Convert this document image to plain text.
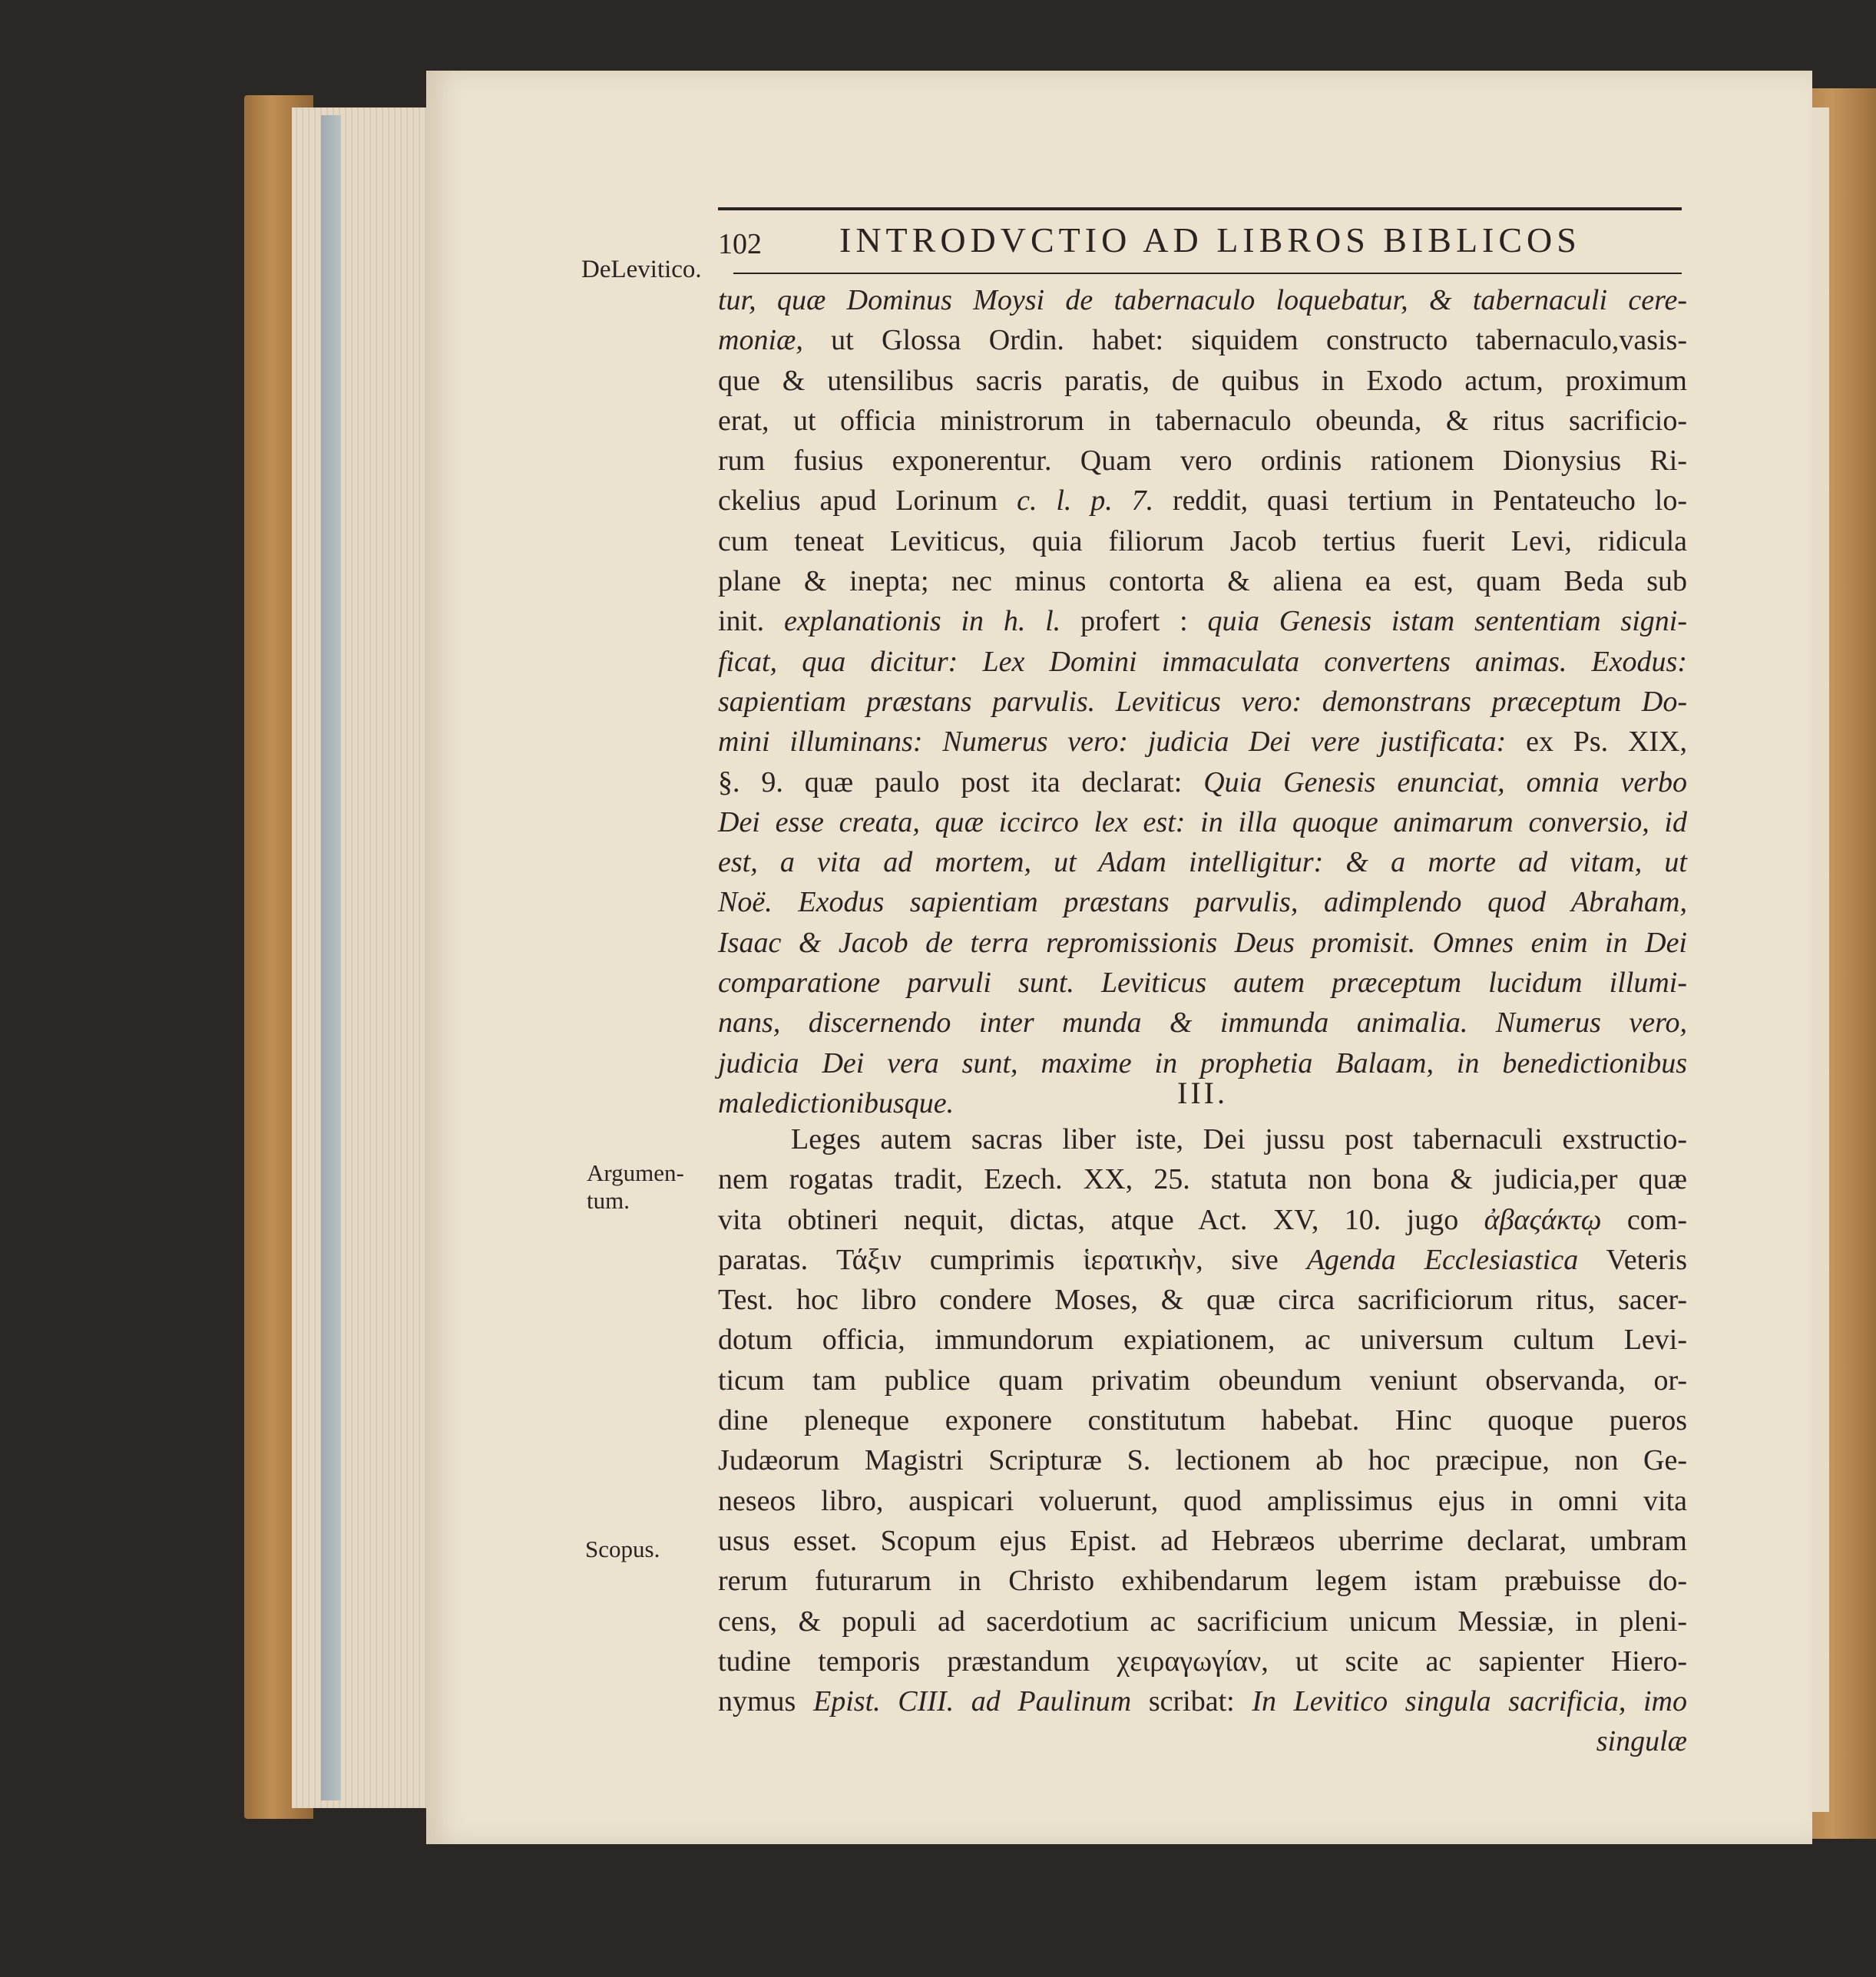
102 INTRODVCTIO AD LIBROS BIBLICOS
DeLevitico.
Argumen-
tum.
Scopus.
tur, quæ Dominus Moysi de tabernaculo loquebatur, & tabernaculi cere-
moniæ, ut Glossa Ordin. habet: siquidem constructo tabernaculo,vasis-
que & utensilibus sacris paratis, de quibus in Exodo actum, proximum
erat, ut officia ministrorum in tabernaculo obeunda, & ritus sacrificio-
rum fusius exponerentur. Quam vero ordinis rationem Dionysius Ri-
ckelius apud Lorinum c. l. p. 7. reddit, quasi tertium in Pentateucho lo-
cum teneat Leviticus, quia filiorum Jacob tertius fuerit Levi, ridicula
plane & inepta; nec minus contorta & aliena ea est, quam Beda sub
init. explanationis in h. l. profert : quia Genesis istam sententiam signi-
ficat, qua dicitur: Lex Domini immaculata convertens animas. Exodus:
sapientiam præstans parvulis. Leviticus vero: demonstrans præceptum Do-
mini illuminans: Numerus vero: judicia Dei vere justificata: ex Ps. XIX,
§. 9. quæ paulo post ita declarat: Quia Genesis enunciat, omnia verbo
Dei esse creata, quæ iccirco lex est: in illa quoque animarum conversio, id
est, a vita ad mortem, ut Adam intelligitur: & a morte ad vitam, ut
Noë. Exodus sapientiam præstans parvulis, adimplendo quod Abraham,
Isaac & Jacob de terra repromissionis Deus promisit. Omnes enim in Dei
comparatione parvuli sunt. Leviticus autem præceptum lucidum illumi-
nans, discernendo inter munda & immunda animalia. Numerus vero,
judicia Dei vera sunt, maxime in prophetia Balaam, in benedictionibus
maledictionibusque.	III.
Leges autem sacras liber iste, Dei jussu post tabernaculi exstructio-
nem rogatas tradit, Ezech. XX, 25. statuta non bona & judicia,per quæ
vita obtineri nequit, dictas, atque Act. XV, 10. jugo ἀβαςάκτῳ com-
paratas. Τάξιν cumprimis ἱερατικὴν, sive Agenda Ecclesiastica Veteris
Test. hoc libro condere Moses, & quæ circa sacrificiorum ritus, sacer-
dotum officia, immundorum expiationem, ac universum cultum Levi-
ticum tam publice quam privatim obeundum veniunt observanda, or-
dine pleneque exponere constitutum habebat. Hinc quoque pueros
Judæorum Magistri Scripturæ S. lectionem ab hoc præcipue, non Ge-
neseos libro, auspicari voluerunt, quod amplissimus ejus in omni vita
usus esset. Scopum ejus Epist. ad Hebræos uberrime declarat, umbram
rerum futurarum in Christo exhibendarum legem istam præbuisse do-
cens, & populi ad sacerdotium ac sacrificium unicum Messiæ, in pleni-
tudine temporis præstandum χειραγωγίαν, ut scite ac sapienter Hiero-
nymus Epist. CIII. ad Paulinum scribat: In Levitico singula sacrificia, imo
singulæ
